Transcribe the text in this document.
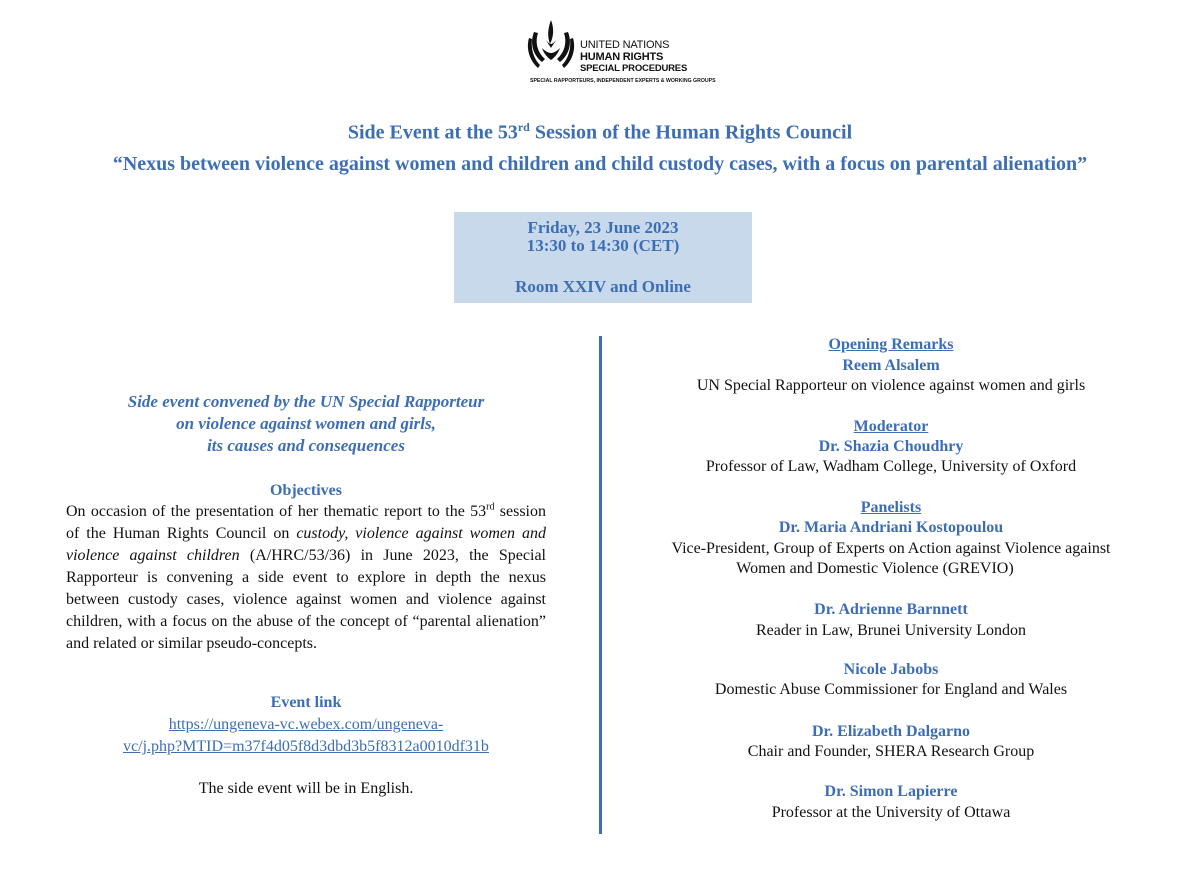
UNITED NATIONS
HUMAN RIGHTS
SPECIAL PROCEDURES
SPECIAL RAPPORTEURS, INDEPENDENT EXPERTS & WORKING GROUPS
Side Event at the 53rd Session of the Human Rights Council
“Nexus between violence against women and children and child custody cases, with a focus on parental alienation”
Friday, 23 June 2023
13:30 to 14:30 (CET)
Room XXIV and Online
Side event convened by the UN Special Rapporteur
on violence against women and girls,
its causes and consequences
Objectives
On occasion of the presentation of her thematic report to the 53rd session of the Human Rights Council on custody, violence against women and violence against children (A/HRC/53/36) in June 2023, the Special Rapporteur is convening a side event to explore in depth the nexus between custody cases, violence against women and violence against children, with a focus on the abuse of the concept of “parental alienation” and related or similar pseudo-concepts.
Event link
https://ungeneva-vc.webex.com/ungeneva-
vc/j.php?MTID=m37f4d05f8d3dbd3b5f8312a0010df31b
The side event will be in English.
Opening Remarks
Reem Alsalem
UN Special Rapporteur on violence against women and girls
Moderator
Dr. Shazia Choudhry
Professor of Law, Wadham College, University of Oxford
Panelists
Dr. Maria Andriani Kostopoulou
Vice-President, Group of Experts on Action against Violence against
Women and Domestic Violence (GREVIO)
Dr. Adrienne Barnnett
Reader in Law, Brunei University London
Nicole Jabobs
Domestic Abuse Commissioner for England and Wales
Dr. Elizabeth Dalgarno
Chair and Founder, SHERA Research Group
Dr. Simon Lapierre
Professor at the University of Ottawa
